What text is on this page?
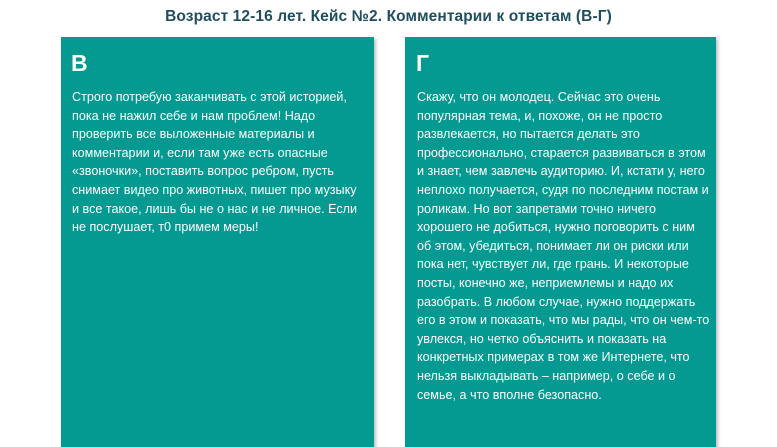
Возраст 12-16 лет. Кейс №2. Комментарии к ответам (В-Г)
В
Строго потребую заканчивать с этой историей, пока не нажил себе и нам проблем! Надо проверить все выложенные материалы и комментарии и, если там уже есть опасные «звоночки», поставить вопрос ребром, пусть снимает видео про животных, пишет про музыку и все такое, лишь бы не о нас и не личное. Если не послушает, т0 примем меры!
Г
Скажу, что он молодец. Сейчас это очень популярная тема, и, похоже, он не просто развлекается, но пытается делать это профессионально, старается развиваться в этом и знает, чем завлечь аудиторию. И, кстати у, него неплохо получается, судя по последним постам и роликам. Но вот запретами точно ничего хорошего не добиться, нужно поговорить с ним об этом, убедиться, понимает ли он риски или пока нет, чувствует ли, где грань. И некоторые посты, конечно же, неприемлемы и надо их разобрать. В любом случае, нужно поддержать его в этом и показать, что мы рады, что он чем-то увлекся, но четко объяснить и показать на конкретных примерах в том же Интернете, что нельзя выкладывать – например, о себе и о семье, а что вполне безопасно.
